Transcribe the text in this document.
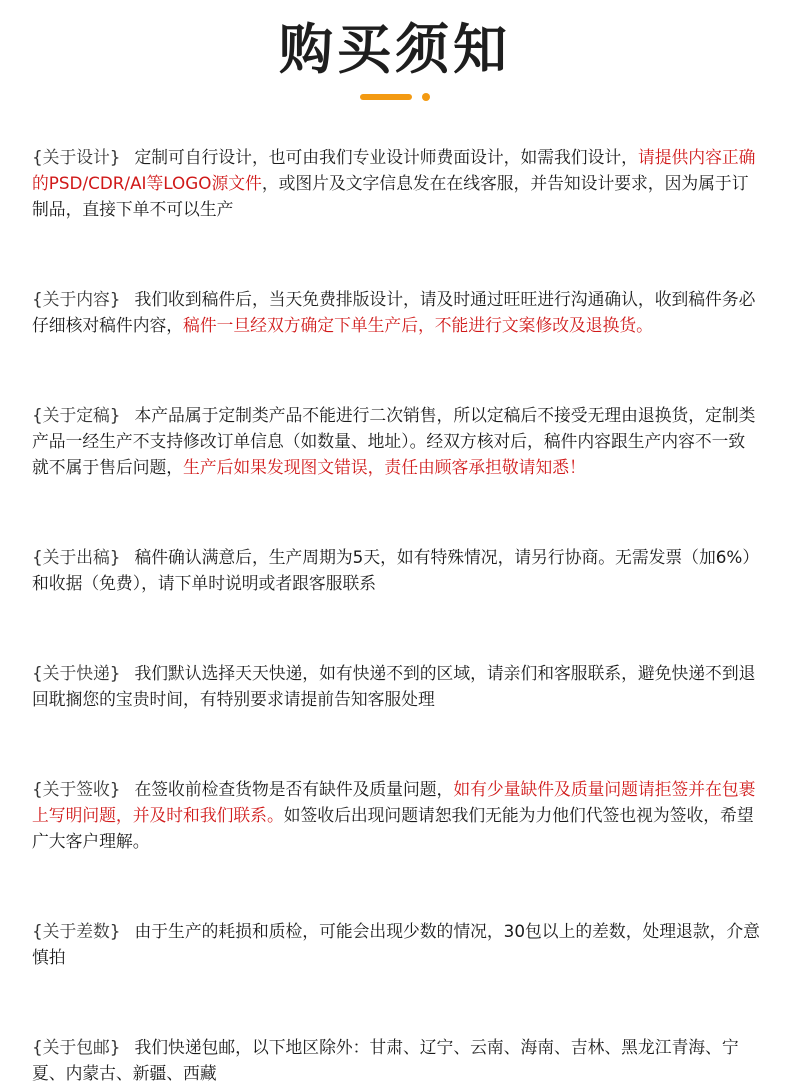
购买须知

{关于设计} 定制可自行设计，也可由我们专业设计师费面设计，如需我们设计，请提供内容正确的PSD/CDR/AI等LOGO源文件，或图片及文字信息发在在线客服，并告知设计要求，因为属于订制品，直接下单不可以生产

{关于内容} 我们收到稿件后，当天免费排版设计，请及时通过旺旺进行沟通确认，收到稿件务必仔细核对稿件内容，稿件一旦经双方确定下单生产后，不能进行文案修改及退换货。

{关于定稿} 本产品属于定制类产品不能进行二次销售，所以定稿后不接受无理由退换货，定制类产品一经生产不支持修改订单信息（如数量、地址）。经双方核对后，稿件内容跟生产内容不一致就不属于售后问题，生产后如果发现图文错误，责任由顾客承担敬请知悉！

{关于出稿} 稿件确认满意后，生产周期为5天，如有特殊情况，请另行协商。无需发票（加6%）和收据（免费），请下单时说明或者跟客服联系

{关于快递} 我们默认选择天天快递，如有快递不到的区域，请亲们和客服联系，避免快递不到退回耽搁您的宝贵时间，有特别要求请提前告知客服处理

{关于签收} 在签收前检查货物是否有缺件及质量问题，如有少量缺件及质量问题请拒签并在包裹上写明问题，并及时和我们联系。如签收后出现问题请恕我们无能为力他们代签也视为签收，希望广大客户理解。

{关于差数} 由于生产的耗损和质检，可能会出现少数的情况，30包以上的差数，处理退款，介意慎拍

{关于包邮} 我们快递包邮，以下地区除外：甘肃、辽宁、云南、海南、吉林、黑龙江青海、宁夏、内蒙古、新疆、西藏
